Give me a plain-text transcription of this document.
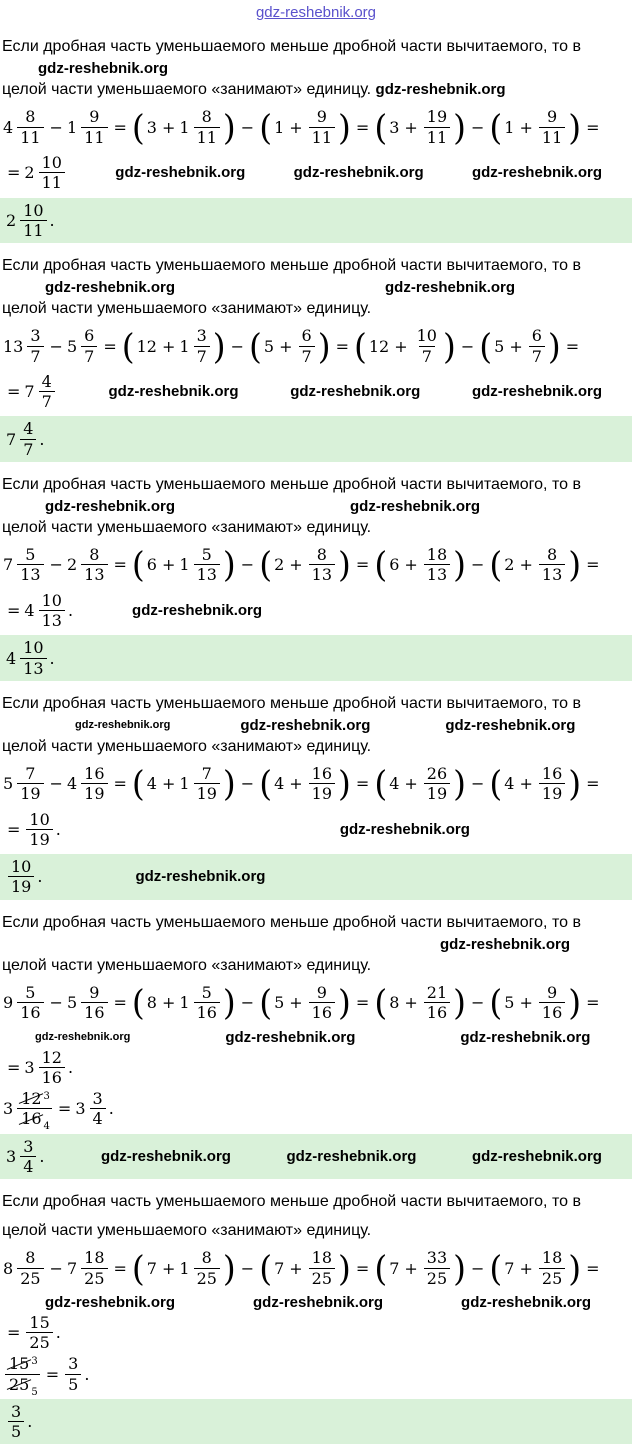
gdz-reshebnik.org

Если дробная часть уменьшаемого меньше дробной части вычитаемого, то в

gdz-reshebnik.org

целой части уменьшаемого «занимают» единицу. gdz-reshebnik.org

$4 \frac{8}{11} - 1 \frac{9}{11}$ = ( $3 + 1 \frac{8}{11}$ ) − ( $1 + \frac{9}{11}$ ) = ( $3 + \frac{19}{11}$ ) − ( $1 + \frac{9}{11}$ ) =
= $2 \frac{10}{11}$	gdz-reshebnik.org	gdz-reshebnik.org	gdz-reshebnik.org
$2 \frac{10}{11}$ .

Если дробная часть уменьшаемого меньше дробной части вычитаемого, то в

gdz-reshebnik.org	gdz-reshebnik.org

целой части уменьшаемого «занимают» единицу.

$13 \frac{3}{7} - 5 \frac{6}{7}$ = ( $12 + 1 \frac{3}{7}$ ) − ( $5 + \frac{6}{7}$ ) = ( $12 + \frac{10}{7}$ ) − ( $5 + \frac{6}{7}$ ) =
= $7 \frac{4}{7}$	gdz-reshebnik.org	gdz-reshebnik.org	gdz-reshebnik.org
$7 \frac{4}{7}$ .

Если дробная часть уменьшаемого меньше дробной части вычитаемого, то в

gdz-reshebnik.org	gdz-reshebnik.org

целой части уменьшаемого «занимают» единицу.

$7 \frac{5}{13} - 2 \frac{8}{13}$ = ( $6 + 1 \frac{5}{13}$ ) − ( $2 + \frac{8}{13}$ ) = ( $6 + \frac{18}{13}$ ) − ( $2 + \frac{8}{13}$ ) =
= $4 \frac{10}{13}$ .	gdz-reshebnik.org
$4 \frac{10}{13}$ .

Если дробная часть уменьшаемого меньше дробной части вычитаемого, то в

gdz-reshebnik.org	gdz-reshebnik.org	gdz-reshebnik.org

целой части уменьшаемого «занимают» единицу.

$5 \frac{7}{19} - 4 \frac{16}{19}$ = ( $4 + 1 \frac{7}{19}$ ) − ( $4 + \frac{16}{19}$ ) = ( $4 + \frac{26}{19}$ ) − ( $4 + \frac{16}{19}$ ) =
= $\frac{10}{19}$ .	gdz-reshebnik.org
$\frac{10}{19}$ .	gdz-reshebnik.org

Если дробная часть уменьшаемого меньше дробной части вычитаемого, то в

gdz-reshebnik.org

целой части уменьшаемого «занимают» единицу.

$9 \frac{5}{16} - 5 \frac{9}{16}$ = ( $8 + 1 \frac{5}{16}$ ) − ( $5 + \frac{9}{16}$ ) = ( $8 + \frac{21}{16}$ ) − ( $5 + \frac{9}{16}$ ) =
gdz-reshebnik.org	gdz-reshebnik.org	gdz-reshebnik.org
= $3 \frac{12}{16}$ .
$3 \frac{12 ^3}{16 _4} = 3 \frac{3}{4}$ .
$3 \frac{3}{4}$ .	gdz-reshebnik.org	gdz-reshebnik.org	gdz-reshebnik.org

Если дробная часть уменьшаемого меньше дробной части вычитаемого, то в

целой части уменьшаемого «занимают» единицу.

$8 \frac{8}{25} - 7 \frac{18}{25}$ = ( $7 + 1 \frac{8}{25}$ ) − ( $7 + \frac{18}{25}$ ) = ( $7 + \frac{33}{25}$ ) − ( $7 + \frac{18}{25}$ ) =
gdz-reshebnik.org	gdz-reshebnik.org	gdz-reshebnik.org
= $\frac{15}{25}$ .
$\frac{15 ^3}{25 _5} = \frac{3}{5}$ .
$\frac{3}{5}$ .
